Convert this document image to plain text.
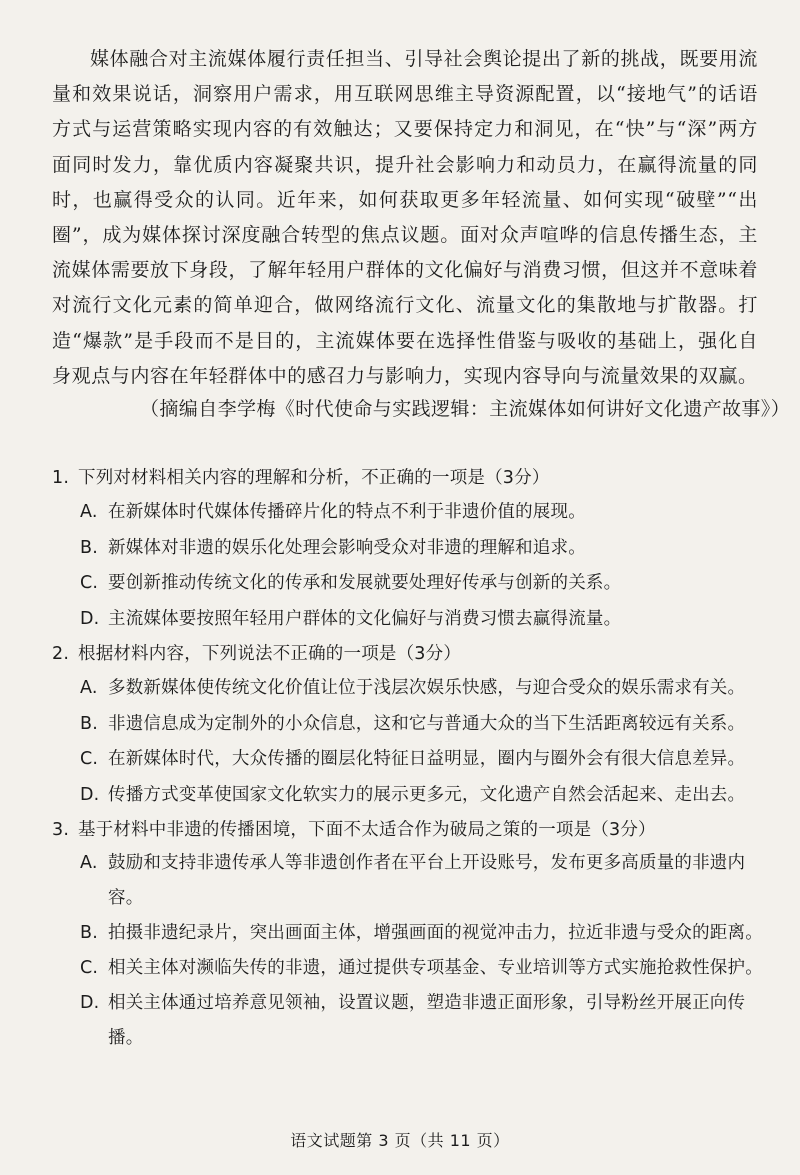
媒体融合对主流媒体履行责任担当、引导社会舆论提出了新的挑战，既要用流量和效果说话，洞察用户需求，用互联网思维主导资源配置，以“接地气”的话语方式与运营策略实现内容的有效触达；又要保持定力和洞见，在“快”与“深”两方面同时发力，靠优质内容凝聚共识，提升社会影响力和动员力，在赢得流量的同时，也赢得受众的认同。近年来，如何获取更多年轻流量、如何实现“破壁”“出圈”，成为媒体探讨深度融合转型的焦点议题。面对众声喧哗的信息传播生态，主流媒体需要放下身段，了解年轻用户群体的文化偏好与消费习惯，但这并不意味着对流行文化元素的简单迎合，做网络流行文化、流量文化的集散地与扩散器。打造“爆款”是手段而不是目的，主流媒体要在选择性借鉴与吸收的基础上，强化自身观点与内容在年轻群体中的感召力与影响力，实现内容导向与流量效果的双赢。

（摘编自李学梅《时代使命与实践逻辑：主流媒体如何讲好文化遗产故事》）

1. 下列对材料相关内容的理解和分析，不正确的一项是（3分）
A. 在新媒体时代媒体传播碎片化的特点不利于非遗价值的展现。
B. 新媒体对非遗的娱乐化处理会影响受众对非遗的理解和追求。
C. 要创新推动传统文化的传承和发展就要处理好传承与创新的关系。
D. 主流媒体要按照年轻用户群体的文化偏好与消费习惯去赢得流量。
2. 根据材料内容，下列说法不正确的一项是（3分）
A. 多数新媒体使传统文化价值让位于浅层次娱乐快感，与迎合受众的娱乐需求有关。
B. 非遗信息成为定制外的小众信息，这和它与普通大众的当下生活距离较远有关系。
C. 在新媒体时代，大众传播的圈层化特征日益明显，圈内与圈外会有很大信息差异。
D. 传播方式变革使国家文化软实力的展示更多元，文化遗产自然会活起来、走出去。
3. 基于材料中非遗的传播困境，下面不太适合作为破局之策的一项是（3分）
A. 鼓励和支持非遗传承人等非遗创作者在平台上开设账号，发布更多高质量的非遗内容。
B. 拍摄非遗纪录片，突出画面主体，增强画面的视觉冲击力，拉近非遗与受众的距离。
C. 相关主体对濒临失传的非遗，通过提供专项基金、专业培训等方式实施抢救性保护。
D. 相关主体通过培养意见领袖，设置议题，塑造非遗正面形象，引导粉丝开展正向传播。

语文试题第 3 页（共 11 页）
